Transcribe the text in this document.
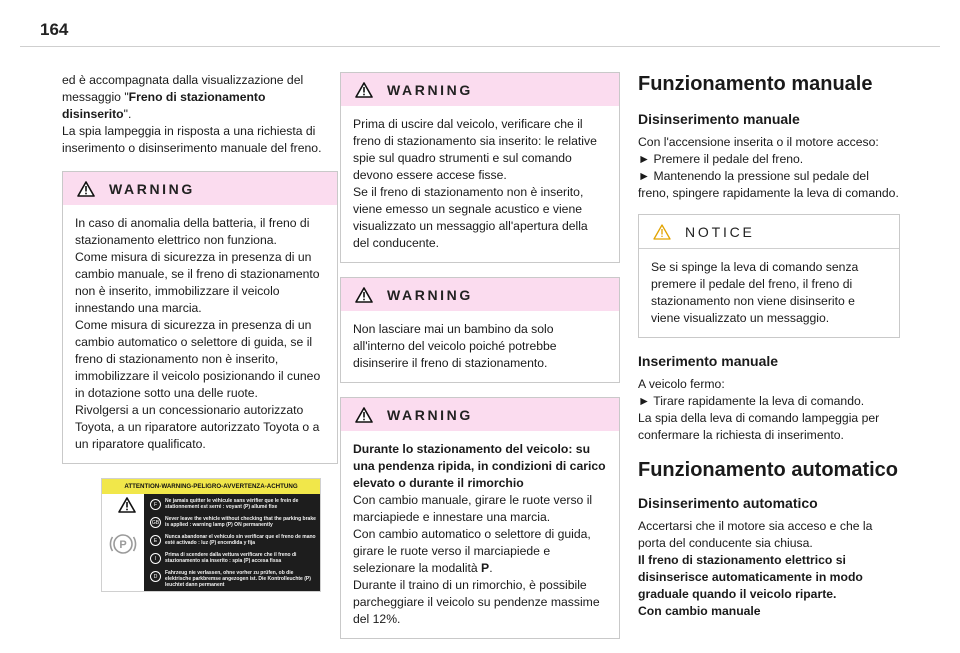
164

ed è accompagnata dalla visualizzazione del messaggio "Freno di stazionamento disinserito".
La spia lampeggia in risposta a una richiesta di inserimento o disinserimento manuale del freno.

WARNING

In caso di anomalia della batteria, il freno di stazionamento elettrico non funziona.

Come misura di sicurezza in presenza di un cambio manuale, se il freno di stazionamento non è inserito, immobilizzare il veicolo innestando una marcia.

Come misura di sicurezza in presenza di un cambio automatico o selettore di guida, se il freno di stazionamento non è inserito, immobilizzare il veicolo posizionando il cuneo in dotazione sotto una delle ruote.

Rivolgersi a un concessionario autorizzato Toyota, a un riparatore autorizzato Toyota o a un riparatore qualificato.

ATTENTION-WARNING-PELIGRO-AVVERTENZA-ACHTUNG
P
F
Ne jamais quitter le véhicule sans vérifier que le frein de stationnement est serré : voyant (P) allumé fixe
GB
Never leave the vehicle without checking that the parking brake is applied : warning lamp (P) ON permanently
E
Nunca abandonar el vehículo sin verificar que el freno de mano esté activado : luz (P) encendida y fija
I
Prima di scendere dalla vettura verificare che il freno di stazionamento sia inserito : spia (P) accesa fissa
D
Fahrzeug nie verlassen, ohne vorher zu prüfen, ob die elektrische parkbremse angezogen ist. Die Kontrolleuchte (P) leuchtet dann permanent
WARNING

Prima di uscire dal veicolo, verificare che il freno di stazionamento sia inserito: le relative spie sul quadro strumenti e sul comando devono essere accese fisse.

Se il freno di stazionamento non è inserito, viene emesso un segnale acustico e viene visualizzato un messaggio all'apertura della del conducente.

WARNING

Non lasciare mai un bambino da solo all'interno del veicolo poiché potrebbe disinserire il freno di stazionamento.

WARNING

Durante lo stazionamento del veicolo: su una pendenza ripida, in condizioni di carico elevato o durante il rimorchio

Con cambio manuale, girare le ruote verso il marciapiede e innestare una marcia.

Con cambio automatico o selettore di guida, girare le ruote verso il marciapiede e selezionare la modalità P.

Durante il traino di un rimorchio, è possibile parcheggiare il veicolo su pendenze massime del 12%.

Funzionamento manuale
Disinserimento manuale

Con l'accensione inserita o il motore acceso:

► Premere il pedale del freno.

► Mantenendo la pressione sul pedale del freno, spingere rapidamente la leva di comando.

NOTICE

Se si spinge la leva di comando senza premere il pedale del freno, il freno di stazionamento non viene disinserito e viene visualizzato un messaggio.

Inserimento manuale

A veicolo fermo:

► Tirare rapidamente la leva di comando.

La spia della leva di comando lampeggia per confermare la richiesta di inserimento.

Funzionamento automatico
Disinserimento automatico

Accertarsi che il motore sia acceso e che la porta del conducente sia chiusa.

Il freno di stazionamento elettrico si disinserisce automaticamente in modo graduale quando il veicolo riparte.

Con cambio manuale
